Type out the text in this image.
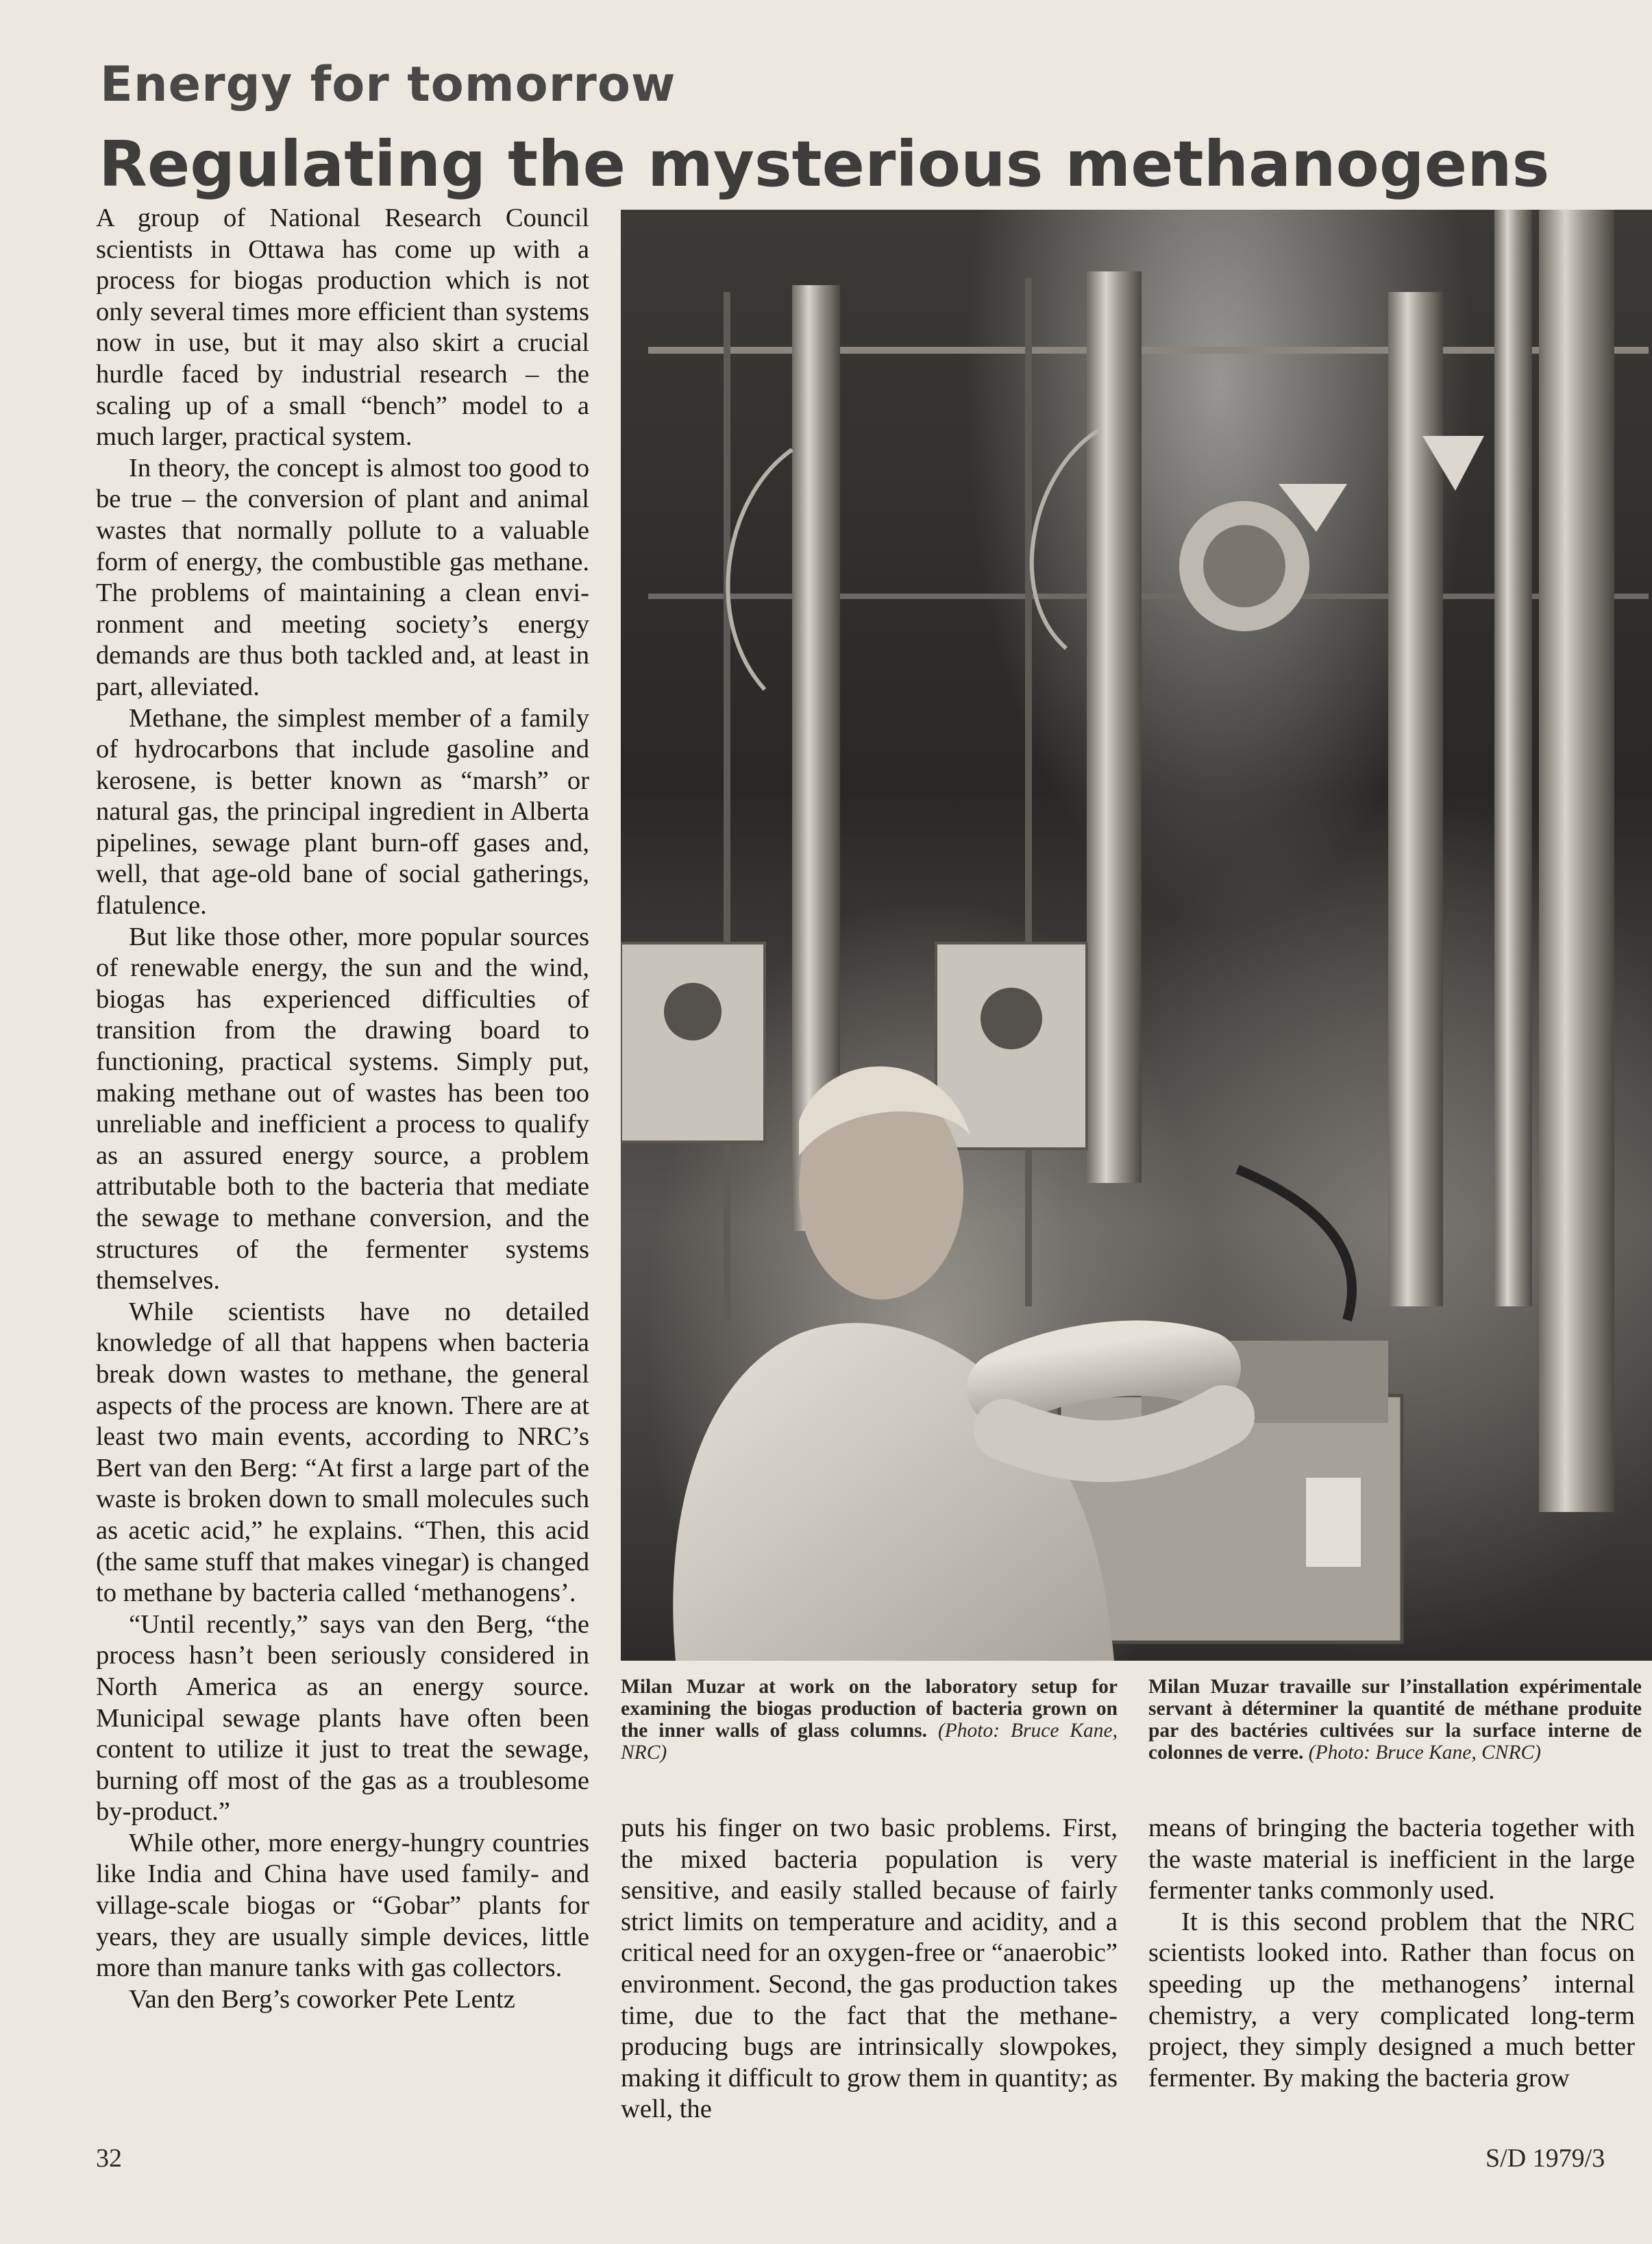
Energy for tomorrow
Regulating the mysterious methanogens

A group of National Research Council scientists in Ottawa has come up with a process for biogas production which is not only several times more efficient than systems now in use, but it may also skirt a crucial hurdle faced by industrial research – the scaling up of a small “bench” model to a much larger, practical system.

In theory, the concept is almost too good to be true – the conversion of plant and animal wastes that normally pollute to a valuable form of energy, the combustible gas methane. The problems of maintaining a clean environment and meeting society’s energy demands are thus both tackled and, at least in part, alleviated.

Methane, the simplest member of a family of hydrocarbons that include gasoline and kerosene, is better known as “marsh” or natural gas, the principal ingredient in Alberta pipelines, sewage plant burn-off gases and, well, that age-old bane of social gatherings, flatulence.

But like those other, more popular sources of renewable energy, the sun and the wind, biogas has experienced difficulties of transition from the drawing board to functioning, practical systems. Simply put, making methane out of wastes has been too unreliable and inefficient a process to qualify as an assured energy source, a problem attributable both to the bacteria that mediate the sewage to methane conversion, and the structures of the fermenter systems themselves.

While scientists have no detailed knowledge of all that happens when bacteria break down wastes to methane, the general aspects of the process are known. There are at least two main events, according to NRC’s Bert van den Berg: “At first a large part of the waste is broken down to small molecules such as acetic acid,” he explains. “Then, this acid (the same stuff that makes vinegar) is changed to methane by bacteria called ‘methanogens’.

“Until recently,” says van den Berg, “the process hasn’t been seriously considered in North America as an energy source. Municipal sewage plants have often been content to utilize it just to treat the sewage, burning off most of the gas as a troublesome by-product.”

While other, more energy-hungry countries like India and China have used family- and village-scale biogas or “Gobar” plants for years, they are usually simple devices, little more than manure tanks with gas collectors.

Van den Berg’s coworker Pete Lentz

Milan Muzar at work on the laboratory setup for examining the biogas production of bacteria grown on the inner walls of glass columns. (Photo: Bruce Kane, NRC)
Milan Muzar travaille sur l’installation expérimentale servant à déterminer la quantité de méthane produite par des bactéries cultivées sur la surface interne de colonnes de verre. (Photo: Bruce Kane, CNRC)

puts his finger on two basic problems. First, the mixed bacteria population is very sensitive, and easily stalled because of fairly strict limits on temperature and acidity, and a critical need for an oxygen-free or “anaerobic” environment. Second, the gas production takes time, due to the fact that the methane-producing bugs are intrinsically slowpokes, making it difficult to grow them in quantity; as well, the

means of bringing the bacteria together with the waste material is inefficient in the large fermenter tanks commonly used.

It is this second problem that the NRC scientists looked into. Rather than focus on speeding up the methanogens’ internal chemistry, a very complicated long-term project, they simply designed a much better fermenter. By making the bacteria grow

32	S/D 1979/3
